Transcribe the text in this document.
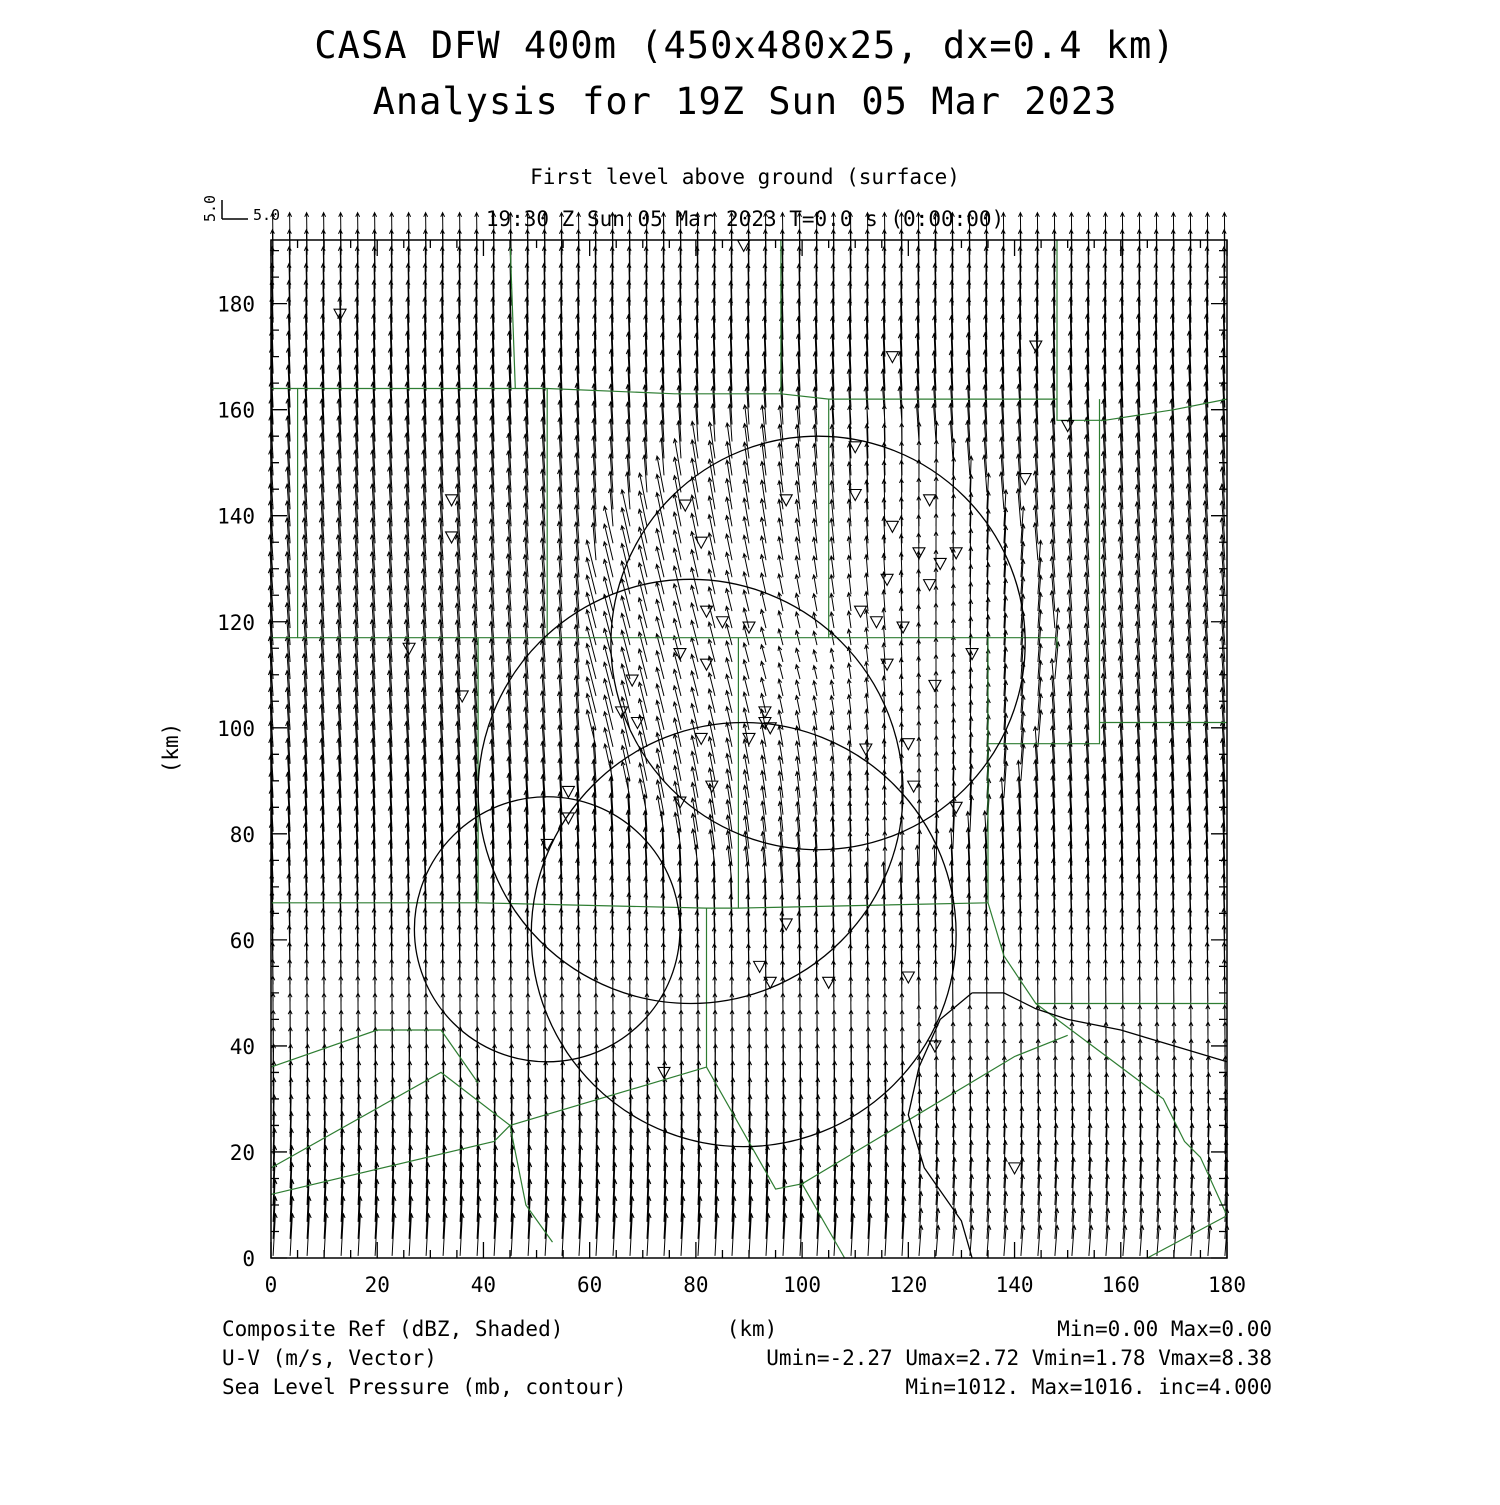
CASA DFW 400m (450x480x25, dx=0.4 km)
Analysis for 19Z Sun 05 Mar 2023
First level above ground (surface)
19:30 Z Sun 05 Mar 2023 T=0.0 s (0:00:00)
5.0
5.0
0	20	40	60	80	100	120	140	160	180
0
20
40
60
80
100
120
140
160
180
(km)
Composite Ref (dBZ, Shaded)
U-V (m/s, Vector)
Sea Level Pressure (mb, contour)
(km)	Min=0.00 Max=0.00
Umin=-2.27 Umax=2.72 Vmin=1.78 Vmax=8.38
Min=1012. Max=1016. inc=4.000
